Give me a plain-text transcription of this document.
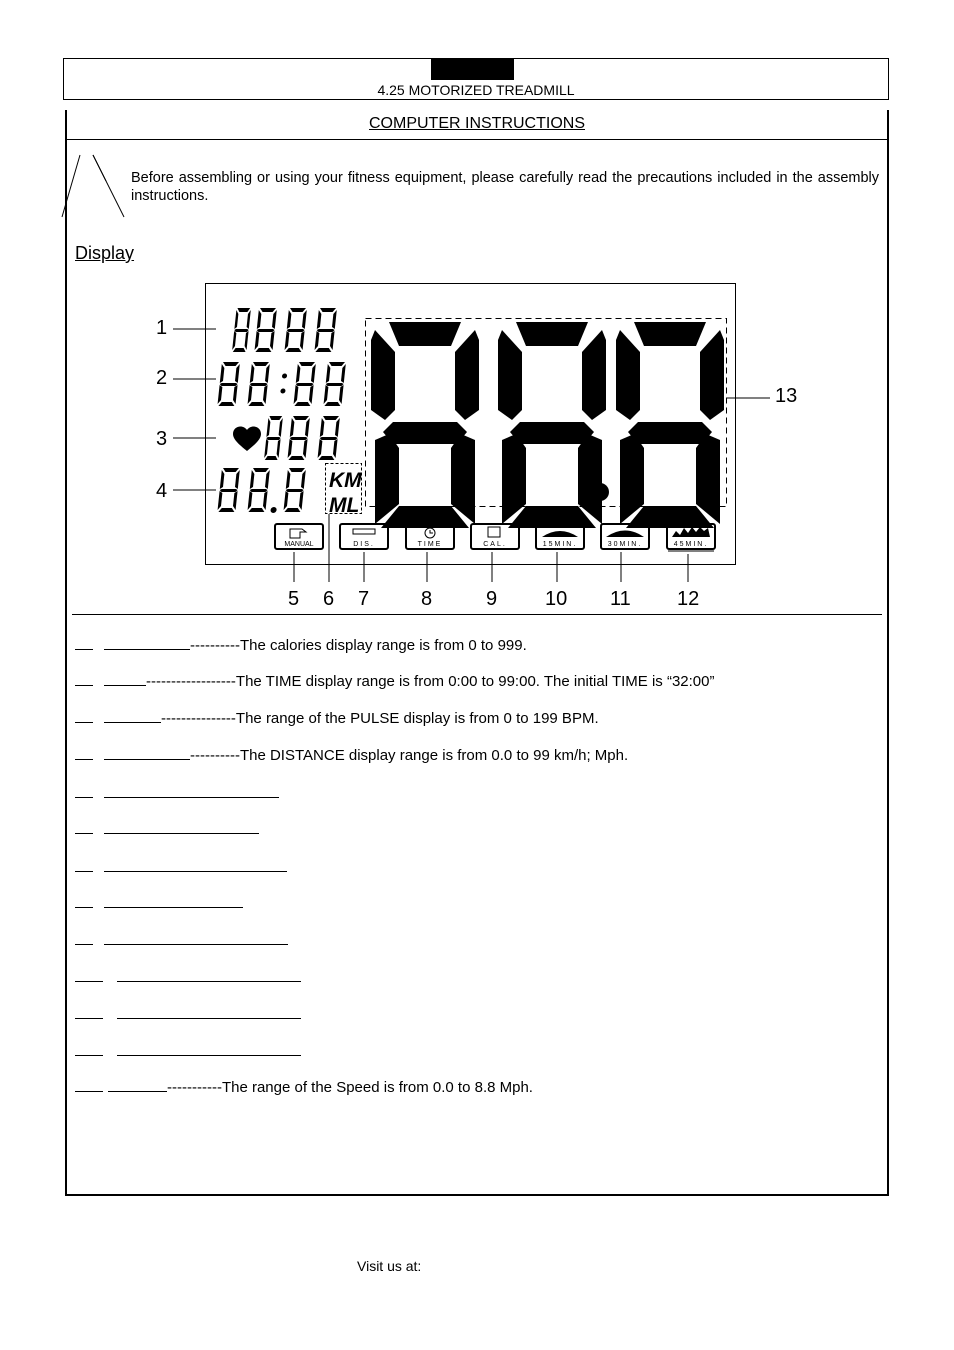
4.25 MOTORIZED TREADMILL
COMPUTER INSTRUCTIONS
Before assembling or using your fitness equipment, please carefully read the precautions included in the assembly instructions.
Display
KM
ML
MANUAL	DIS.	TIME	CAL.	15MIN.	30MIN.	45MIN.
1
2
3
4
13
5 6 7	8	9 10 11 12
----------The calories display range is from 0 to 999.
------------------The TIME display range is from 0:00 to 99:00. The initial TIME is “32:00”
---------------The range of the PULSE display is from 0 to 199 BPM.
----------The DISTANCE display range is from 0.0 to 99 km/h; Mph.
-----------The range of the Speed is from 0.0 to 8.8 Mph.
Visit us at:
